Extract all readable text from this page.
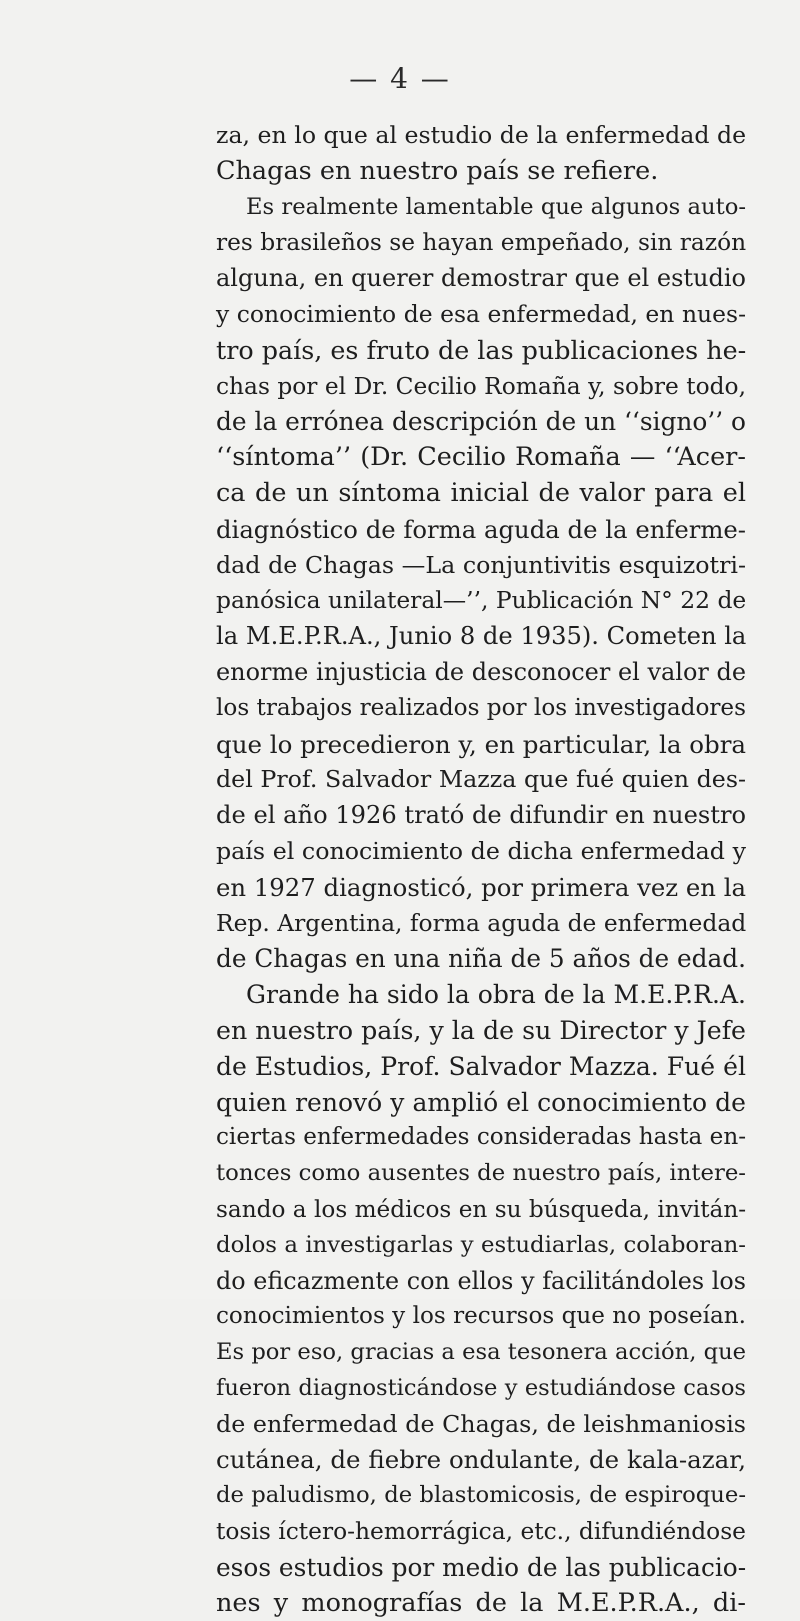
— 4 —
za, en lo que al estudio de la enfermedad de
Chagas en nuestro país se refiere.
Es realmente lamentable que algunos auto-
res brasileños se hayan empeñado, sin razón
alguna, en querer demostrar que el estudio
y conocimiento de esa enfermedad, en nues-
tro país, es fruto de las publicaciones he-
chas por el Dr. Cecilio Romaña y, sobre todo,
de la errónea descripción de un ‘‘signo’’ o
‘‘síntoma’’ (Dr. Cecilio Romaña — ‘‘Acer-
ca de un síntoma inicial de valor para el
diagnóstico de forma aguda de la enferme-
dad de Chagas —La conjuntivitis esquizotri-
panósica unilateral—’’, Publicación N° 22 de
la M.E.P.R.A., Junio 8 de 1935). Cometen la
enorme injusticia de desconocer el valor de
los trabajos realizados por los investigadores
que lo precedieron y, en particular, la obra
del Prof. Salvador Mazza que fué quien des-
de el año 1926 trató de difundir en nuestro
país el conocimiento de dicha enfermedad y
en 1927 diagnosticó, por primera vez en la
Rep. Argentina, forma aguda de enfermedad
de Chagas en una niña de 5 años de edad.
Grande ha sido la obra de la M.E.P.R.A.
en nuestro país, y la de su Director y Jefe
de Estudios, Prof. Salvador Mazza. Fué él
quien renovó y amplió el conocimiento de
ciertas enfermedades consideradas hasta en-
tonces como ausentes de nuestro país, intere-
sando a los médicos en su búsqueda, invitán-
dolos a investigarlas y estudiarlas, colaboran-
do eficazmente con ellos y facilitándoles los
conocimientos y los recursos que no poseían.
Es por eso, gracias a esa tesonera acción, que
fueron diagnosticándose y estudiándose casos
de enfermedad de Chagas, de leishmaniosis
cutánea, de fiebre ondulante, de kala-azar,
de paludismo, de blastomicosis, de espiroque-
tosis íctero-hemorrágica, etc., difundiéndose
esos estudios por medio de las publicacio-
nes y monografías de la M.E.P.R.A., di-
